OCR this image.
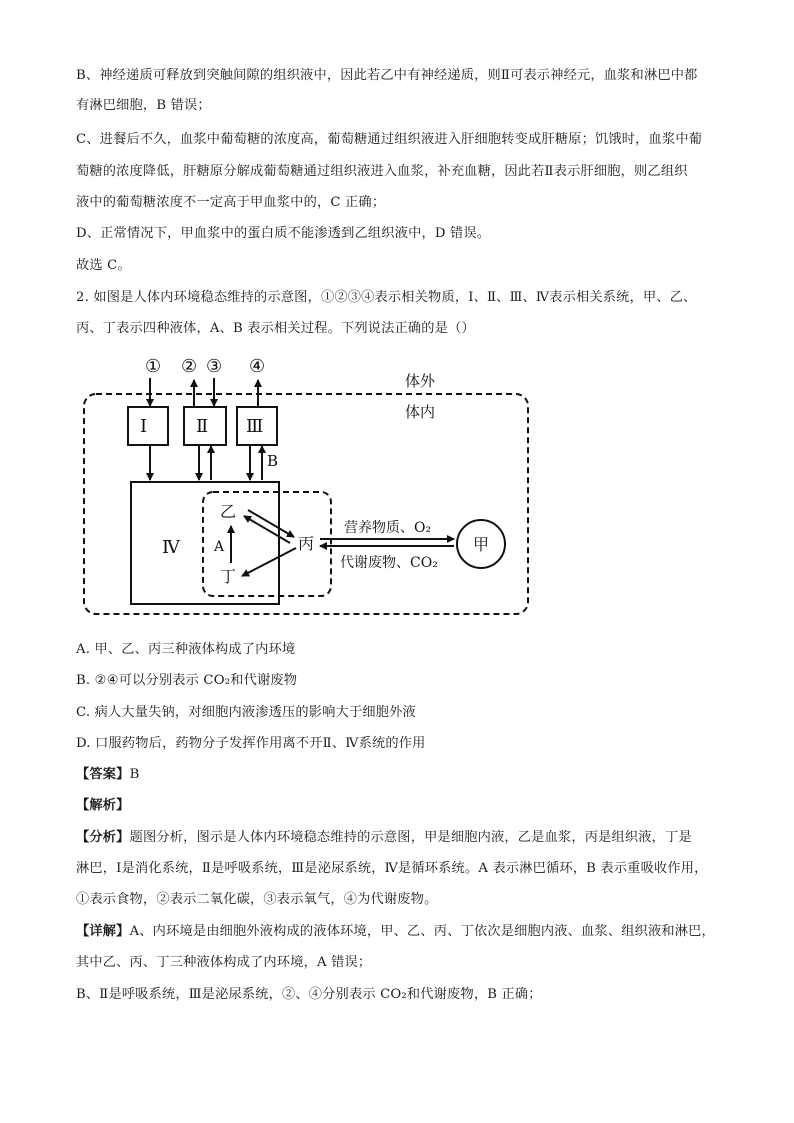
B、神经递质可释放到突触间隙的组织液中，因此若乙中有神经递质，则Ⅱ可表示神经元，血浆和淋巴中都
有淋巴细胞，B 错误；
C、进餐后不久，血浆中葡萄糖的浓度高，葡萄糖通过组织液进入肝细胞转变成肝糖原；饥饿时，血浆中葡
萄糖的浓度降低，肝糖原分解成葡萄糖通过组织液进入血浆，补充血糖，因此若Ⅱ表示肝细胞，则乙组织
液中的葡萄糖浓度不一定高于甲血浆中的，C 正确；
D、正常情况下，甲血浆中的蛋白质不能渗透到乙组织液中，D 错误。
故选 C。
2. 如图是人体内环境稳态维持的示意图，①②③④表示相关物质，Ⅰ、Ⅱ、Ⅲ、Ⅳ表示相关系统，甲、乙、
丙、丁表示四种液体，A、B 表示相关过程。下列说法正确的是（）
体外
体内
① ② ③ ④
Ⅰ	Ⅱ Ⅲ
B
Ⅳ
乙
丙
丁
A
营养物质、O₂
代谢废物、CO₂
甲
A. 甲、乙、丙三种液体构成了内环境
B. ②④可以分别表示 CO₂和代谢废物
C. 病人大量失钠，对细胞内液渗透压的影响大于细胞外液
D. 口服药物后，药物分子发挥作用离不开Ⅱ、Ⅳ系统的作用
【答案】B
【解析】
【分析】题图分析，图示是人体内环境稳态维持的示意图，甲是细胞内液，乙是血浆，丙是组织液，丁是
淋巴，Ⅰ是消化系统，Ⅱ是呼吸系统，Ⅲ是泌尿系统，Ⅳ是循环系统。A 表示淋巴循环，B 表示重吸收作用，
①表示食物，②表示二氧化碳，③表示氧气，④为代谢废物。
【详解】A、内环境是由细胞外液构成的液体环境，甲、乙、丙、丁依次是细胞内液、血浆、组织液和淋巴，
其中乙、丙、丁三种液体构成了内环境，A 错误；
B、Ⅱ是呼吸系统，Ⅲ是泌尿系统，②、④分别表示 CO₂和代谢废物，B 正确；
